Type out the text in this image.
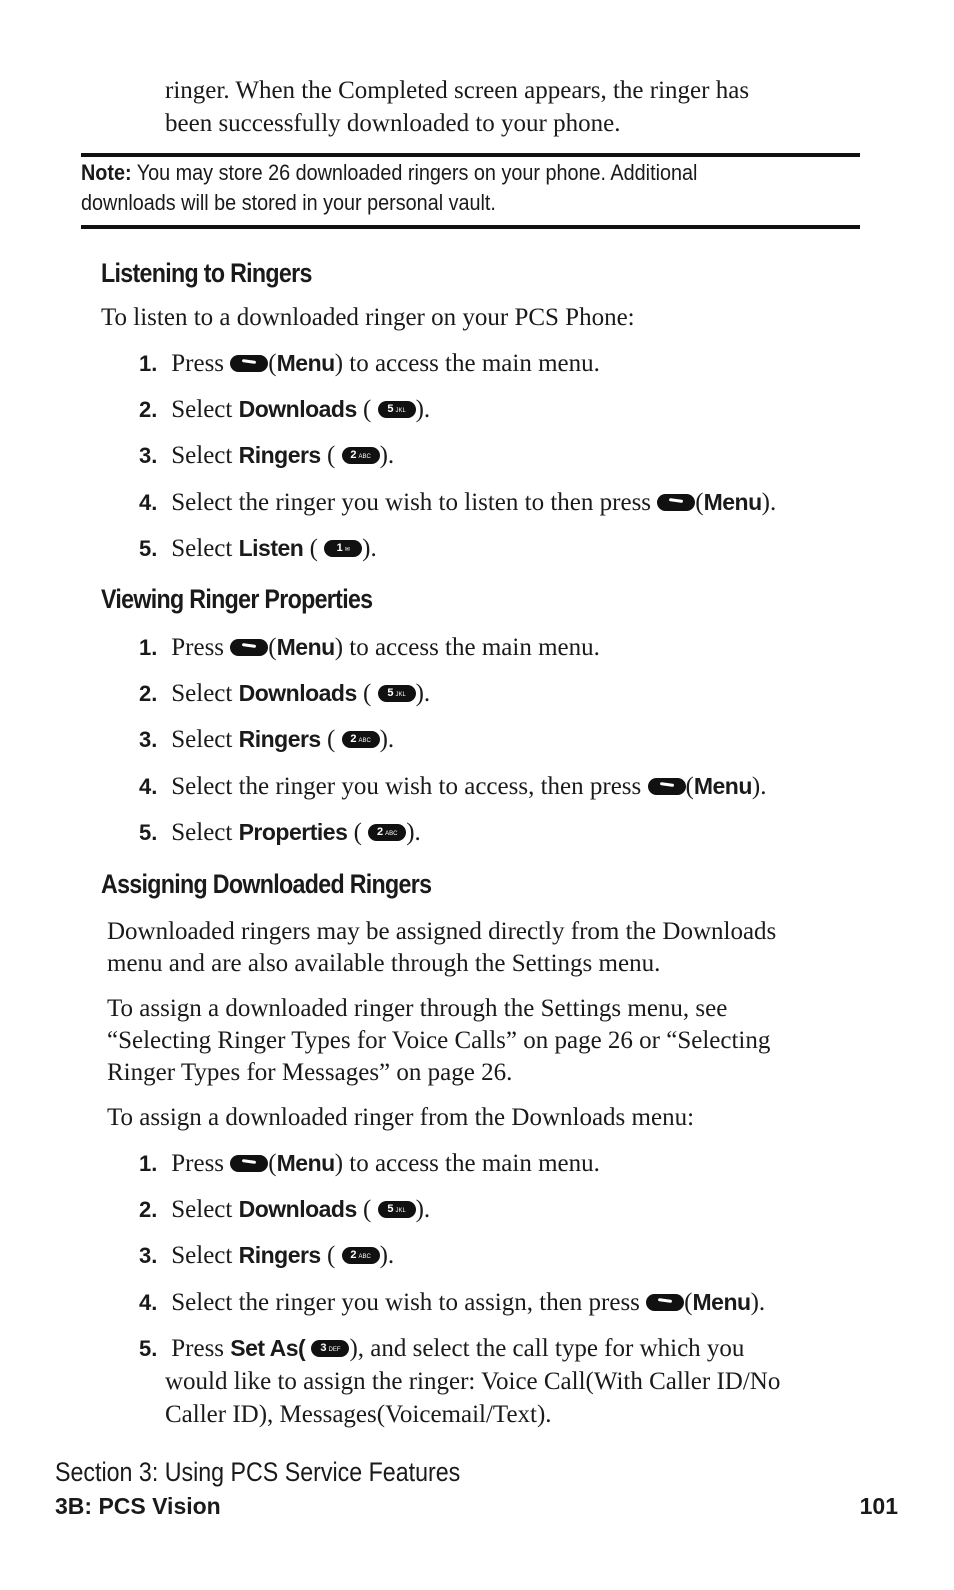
ringer. When the Completed screen appears, the ringer has

been successfully downloaded to your phone.

Note: You may store 26 downloaded ringers on your phone. Additional
downloads will be stored in your personal vault.
Listening to Ringers

To listen to a downloaded ringer on your PCS Phone:

1. Press (Menu) to access the main menu.
2. Select Downloads ( 5 JKL ).
3. Select Ringers ( 2 ABC ).
4. Select the ringer you wish to listen to then press (Menu).
5. Select Listen ( 1 ✉ ).
Viewing Ringer Properties
1. Press (Menu) to access the main menu.
2. Select Downloads ( 5 JKL ).
3. Select Ringers ( 2 ABC ).
4. Select the ringer you wish to access, then press (Menu).
5. Select Properties ( 2 ABC ).
Assigning Downloaded Ringers

Downloaded ringers may be assigned directly from the Downloads

menu and are also available through the Settings menu.

To assign a downloaded ringer through the Settings menu, see

“Selecting Ringer Types for Voice Calls” on page 26 or “Selecting

Ringer Types for Messages” on page 26.

To assign a downloaded ringer from the Downloads menu:

1. Press (Menu) to access the main menu.
2. Select Downloads ( 5 JKL ).
3. Select Ringers ( 2 ABC ).
4. Select the ringer you wish to assign, then press (Menu).
5. Press Set As( 3 DEF ), and select the call type for which you
would like to assign the ringer: Voice Call(With Caller ID/No
Caller ID), Messages(Voicemail/Text).
Section 3: Using PCS Service Features
3B: PCS Vision	101
